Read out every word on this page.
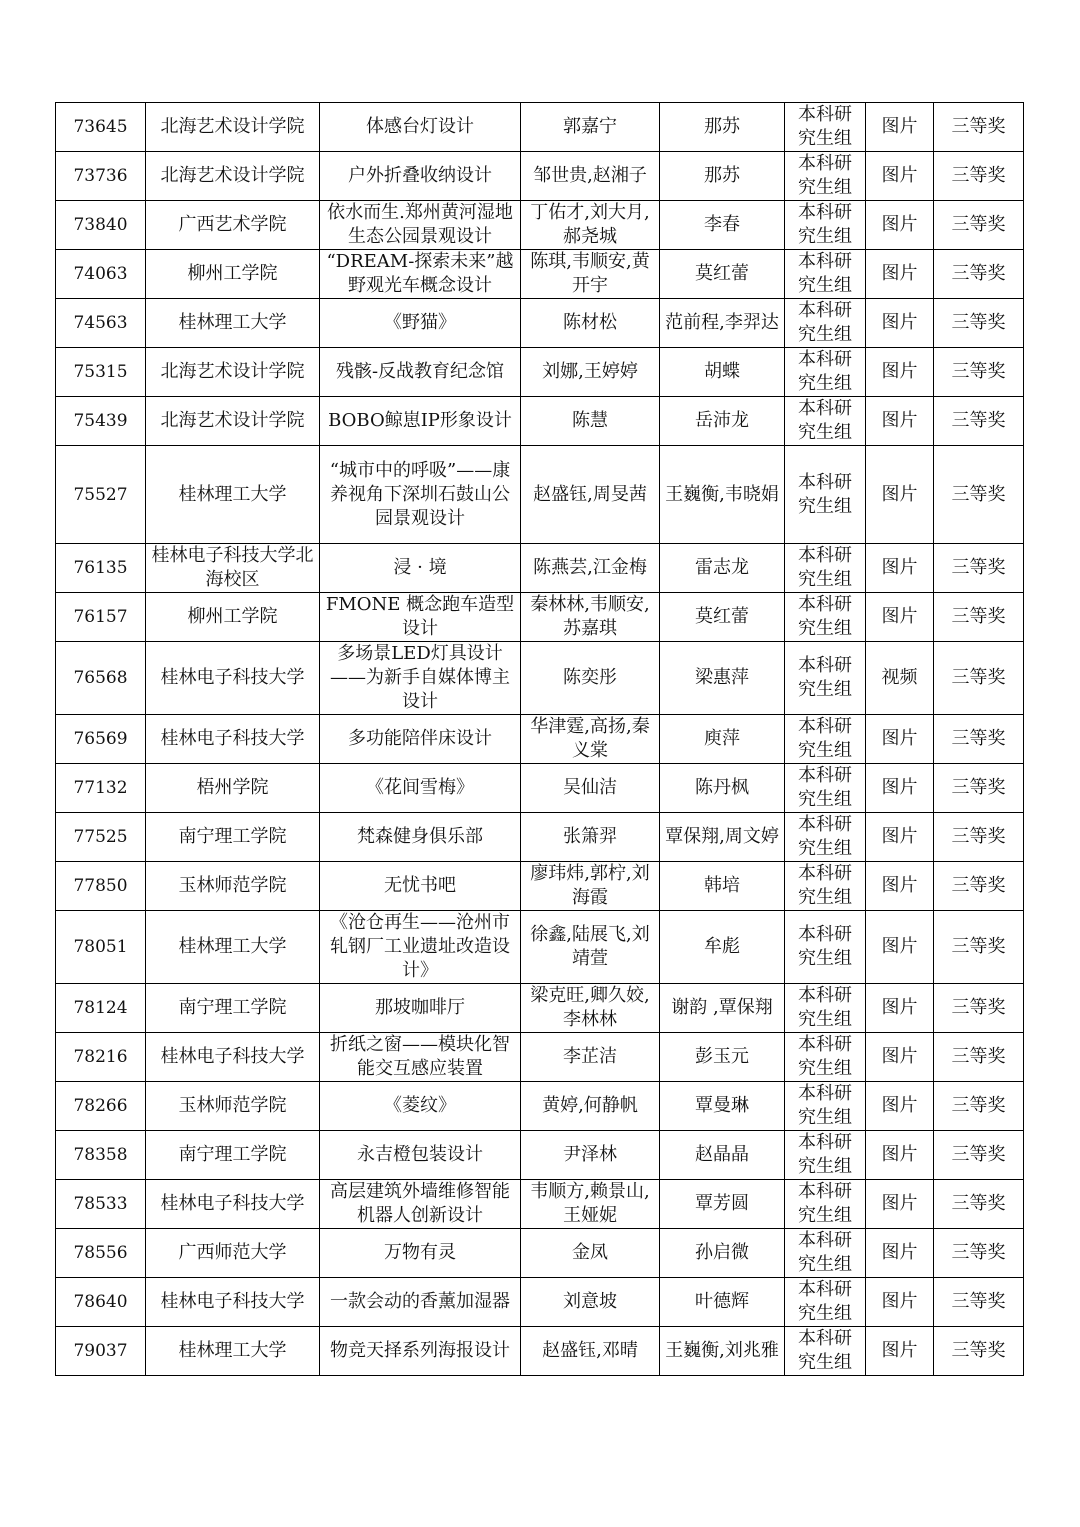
73645	北海艺术设计学院	体感台灯设计	郭嘉宁	那苏	本科研究生组	图片	三等奖
73736	北海艺术设计学院	户外折叠收纳设计	邹世贵,赵湘子	那苏	本科研究生组	图片	三等奖
73840	广西艺术学院	依水而生.郑州黄河湿地生态公园景观设计	丁佑才,刘大月,郝尧城	李春	本科研究生组	图片	三等奖
74063	柳州工学院	“DREAM-探索未来”越野观光车概念设计	陈琪,韦顺安,黄开宇	莫红蕾	本科研究生组	图片	三等奖
74563	桂林理工大学	《野猫》	陈材松	范前程,李羿达	本科研究生组	图片	三等奖
75315	北海艺术设计学院	残骸-反战教育纪念馆	刘娜,王婷婷	胡蝶	本科研究生组	图片	三等奖
75439	北海艺术设计学院	BOBO鲸崽IP形象设计	陈慧	岳沛龙	本科研究生组	图片	三等奖
75527	桂林理工大学	“城市中的呼吸”——康养视角下深圳石鼓山公园景观设计	赵盛钰,周旻茜	王巍衡,韦晓娟	本科研究生组	图片	三等奖
76135	桂林电子科技大学北海校区	浸 · 境	陈燕芸,江金梅	雷志龙	本科研究生组	图片	三等奖
76157	柳州工学院	FMONE 概念跑车造型设计	秦林林,韦顺安,苏嘉琪	莫红蕾	本科研究生组	图片	三等奖
76568	桂林电子科技大学	多场景LED灯具设计——为新手自媒体博主设计	陈奕彤	梁惠萍	本科研究生组	视频	三等奖
76569	桂林电子科技大学	多功能陪伴床设计	华津霆,高扬,秦义棠	庾萍	本科研究生组	图片	三等奖
77132	梧州学院	《花间雪梅》	吴仙洁	陈丹枫	本科研究生组	图片	三等奖
77525	南宁理工学院	梵森健身俱乐部	张箫羿	覃保翔,周文婷	本科研究生组	图片	三等奖
77850	玉林师范学院	无忧书吧	廖玮炜,郭柠,刘海霞	韩培	本科研究生组	图片	三等奖
78051	桂林理工大学	《沧仓再生——沧州市轧钢厂工业遗址改造设计》	徐鑫,陆展飞,刘靖萱	牟彪	本科研究生组	图片	三等奖
78124	南宁理工学院	那坡咖啡厅	梁克旺,卿久姣,李林林	谢韵 ,覃保翔	本科研究生组	图片	三等奖
78216	桂林电子科技大学	折纸之窗——模块化智能交互感应装置	李芷洁	彭玉元	本科研究生组	图片	三等奖
78266	玉林师范学院	《菱纹》	黄婷,何静帆	覃曼琳	本科研究生组	图片	三等奖
78358	南宁理工学院	永吉橙包装设计	尹泽林	赵晶晶	本科研究生组	图片	三等奖
78533	桂林电子科技大学	高层建筑外墙维修智能机器人创新设计	韦顺方,赖景山,王娅妮	覃芳圆	本科研究生组	图片	三等奖
78556	广西师范大学	万物有灵	金凤	孙启微	本科研究生组	图片	三等奖
78640	桂林电子科技大学	一款会动的香薰加湿器	刘意坡	叶德辉	本科研究生组	图片	三等奖
79037	桂林理工大学	物竞天择系列海报设计	赵盛钰,邓晴	王巍衡,刘兆雅	本科研究生组	图片	三等奖
